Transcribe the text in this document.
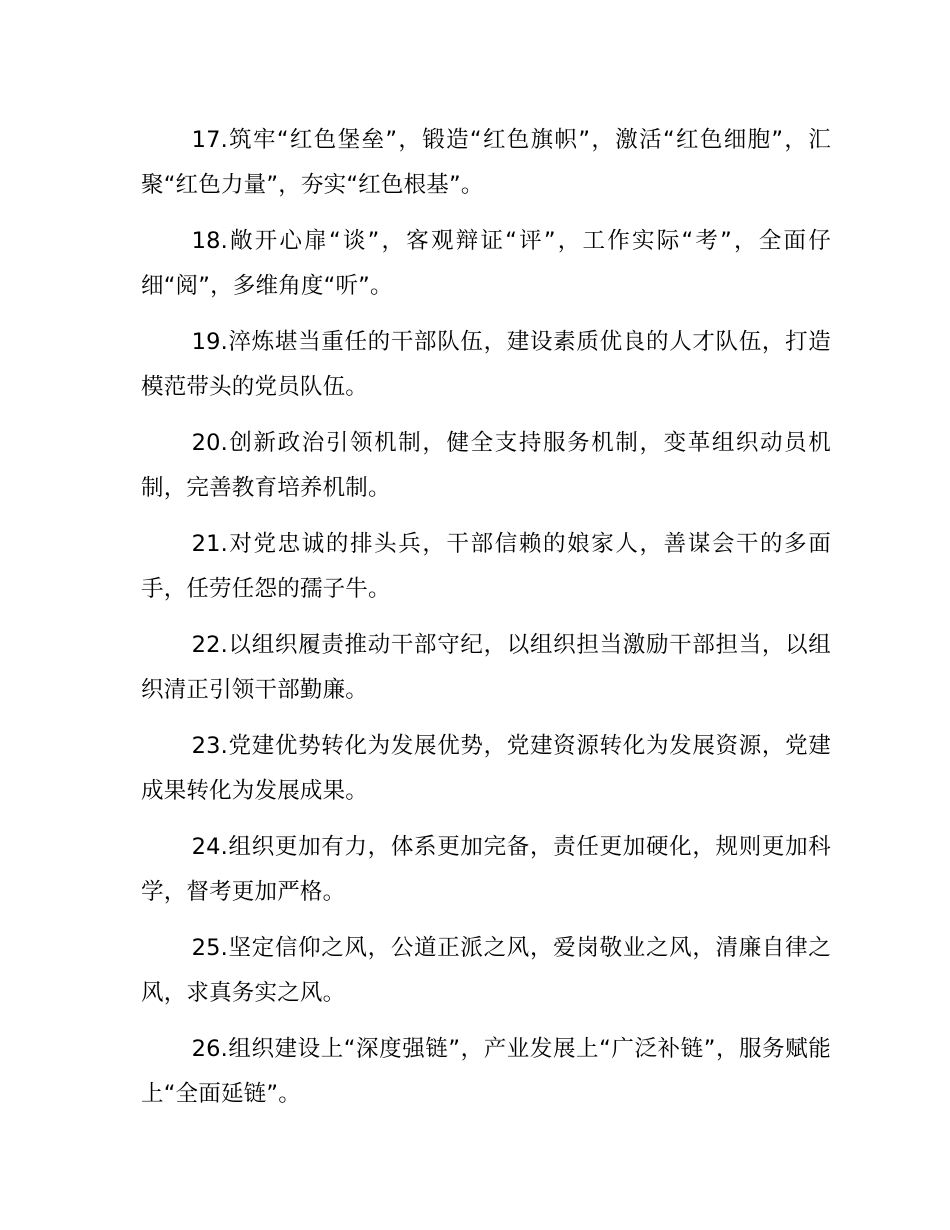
17.筑牢“红色堡垒”，锻造“红色旗帜”，激活“红色细胞”，汇聚“红色力量”，夯实“红色根基”。

18.敞开心扉“谈”，客观辩证“评”，工作实际“考”，全面仔细“阅”，多维角度“听”。

19.淬炼堪当重任的干部队伍，建设素质优良的人才队伍，打造模范带头的党员队伍。

20.创新政治引领机制，健全支持服务机制，变革组织动员机制，完善教育培养机制。

21.对党忠诚的排头兵，干部信赖的娘家人，善谋会干的多面手，任劳任怨的孺子牛。

22.以组织履责推动干部守纪，以组织担当激励干部担当，以组织清正引领干部勤廉。

23.党建优势转化为发展优势，党建资源转化为发展资源，党建成果转化为发展成果。

24.组织更加有力，体系更加完备，责任更加硬化，规则更加科学，督考更加严格。

25.坚定信仰之风，公道正派之风，爱岗敬业之风，清廉自律之风，求真务实之风。

26.组织建设上“深度强链”，产业发展上“广泛补链”，服务赋能上“全面延链”。
